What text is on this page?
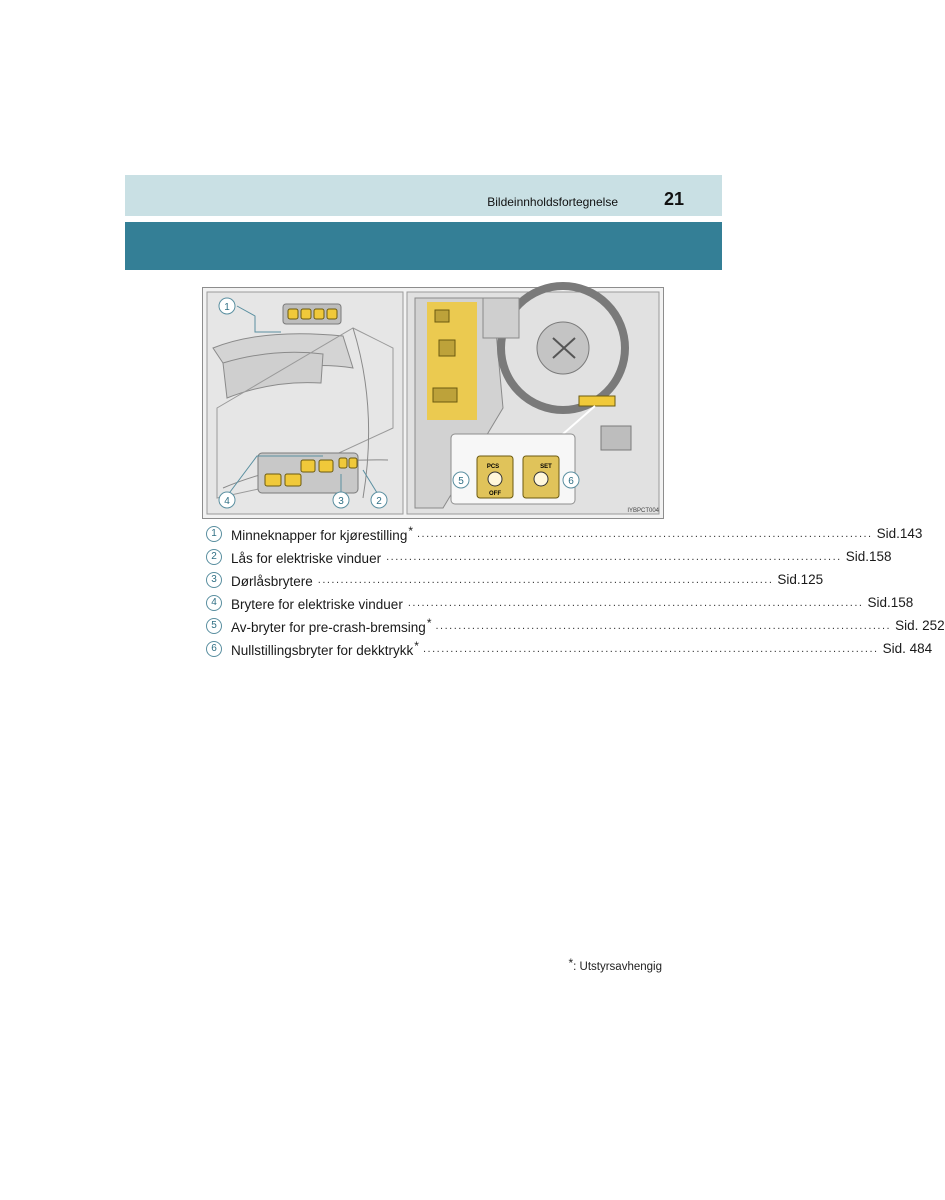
Bildeinnholdsfortegnelse	21
PCS
OFF
SET
1
2
3
4
5	6
IYBPCT004
1	Minneknapper for kjørestilling* .................................................................................................... Sid.143
2	Lås for elektriske vinduer .................................................................................................... Sid.158
3	Dørlåsbrytere .................................................................................................... Sid.125
4	Brytere for elektriske vinduer .................................................................................................... Sid.158
5	Av-bryter for pre-crash-bremsing* .................................................................................................... Sid. 252
6	Nullstillingsbryter for dekktrykk* .................................................................................................... Sid. 484
*: Utstyrsavhengig
